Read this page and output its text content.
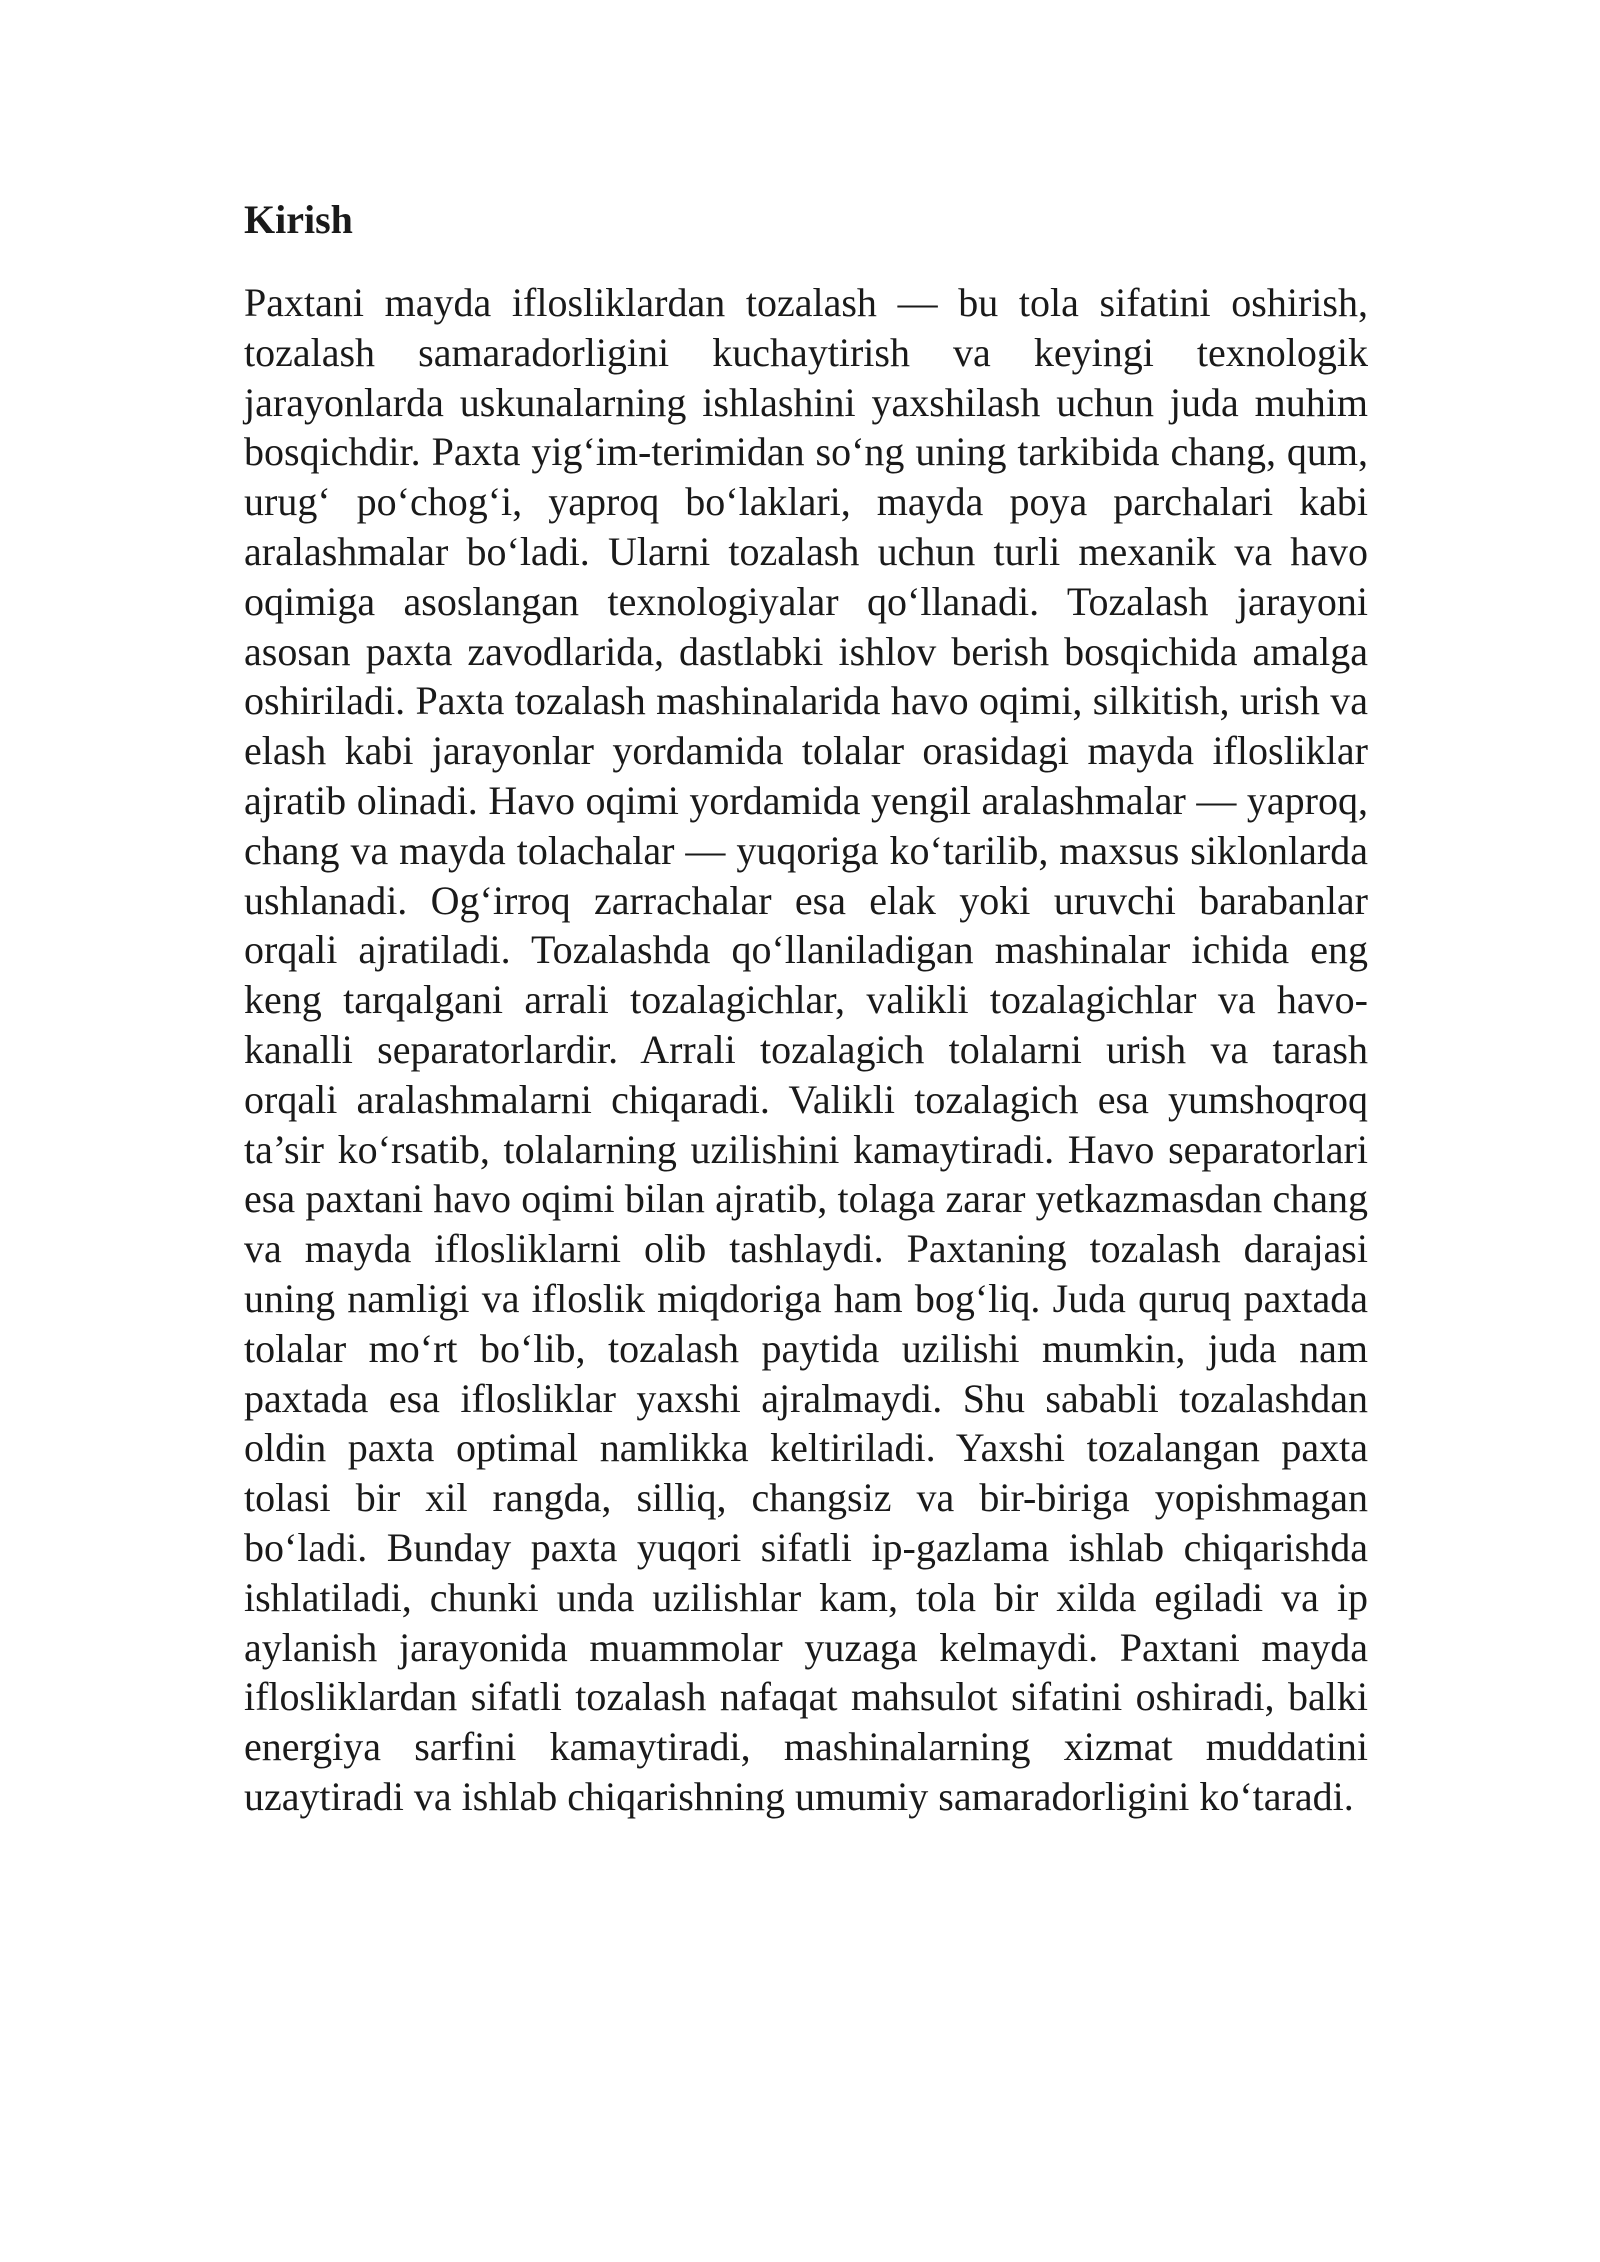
Kirish

Paxtani mayda iflosliklardan tozalash — bu tola sifatini oshirish, tozalash samaradorligini kuchaytirish va keyingi texnologik jarayonlarda uskunalarning ishlashini yaxshilash uchun juda muhim bosqichdir. Paxta yig‘im-terimidan so‘ng uning tarkibida chang, qum, urug‘ po‘chog‘i, yaproq bo‘laklari, mayda poya parchalari kabi aralashmalar bo‘ladi. Ularni tozalash uchun turli mexanik va havo oqimiga asoslangan texnologiyalar qo‘llanadi. Tozalash jarayoni asosan paxta zavodlarida, dastlabki ishlov berish bosqichida amalga oshiriladi. Paxta tozalash mashinalarida havo oqimi, silkitish, urish va elash kabi jarayonlar yordamida tolalar orasidagi mayda iflosliklar ajratib olinadi. Havo oqimi yordamida yengil aralashmalar — yaproq, chang va mayda tolachalar — yuqoriga ko‘tarilib, maxsus siklonlarda ushlanadi. Og‘irroq zarrachalar esa elak yoki uruvchi barabanlar orqali ajratiladi. Tozalashda qo‘llaniladigan mashinalar ichida eng keng tarqalgani arrali tozalagichlar, valikli tozalagichlar va havo-kanalli separatorlardir. Arrali tozalagich tolalarni urish va tarash orqali aralashmalarni chiqaradi. Valikli tozalagich esa yumshoqroq ta’sir ko‘rsatib, tolalarning uzilishini kamaytiradi. Havo separatorlari esa paxtani havo oqimi bilan ajratib, tolaga zarar yetkazmasdan chang va mayda iflosliklarni olib tashlaydi. Paxtaning tozalash darajasi uning namligi va ifloslik miqdoriga ham bog‘liq. Juda quruq paxtada tolalar mo‘rt bo‘lib, tozalash paytida uzilishi mumkin, juda nam paxtada esa iflosliklar yaxshi ajralmaydi. Shu sababli tozalashdan oldin paxta optimal namlikka keltiriladi. Yaxshi tozalangan paxta tolasi bir xil rangda, silliq, changsiz va bir-biriga yopishmagan bo‘ladi. Bunday paxta yuqori sifatli ip-gazlama ishlab chiqarishda ishlatiladi, chunki unda uzilishlar kam, tola bir xilda egiladi va ip aylanish jarayonida muammolar yuzaga kelmaydi. Paxtani mayda iflosliklardan sifatli tozalash nafaqat mahsulot sifatini oshiradi, balki energiya sarfini kamaytiradi, mashinalarning xizmat muddatini uzaytiradi va ishlab chiqarishning umumiy samaradorligini ko‘taradi.
